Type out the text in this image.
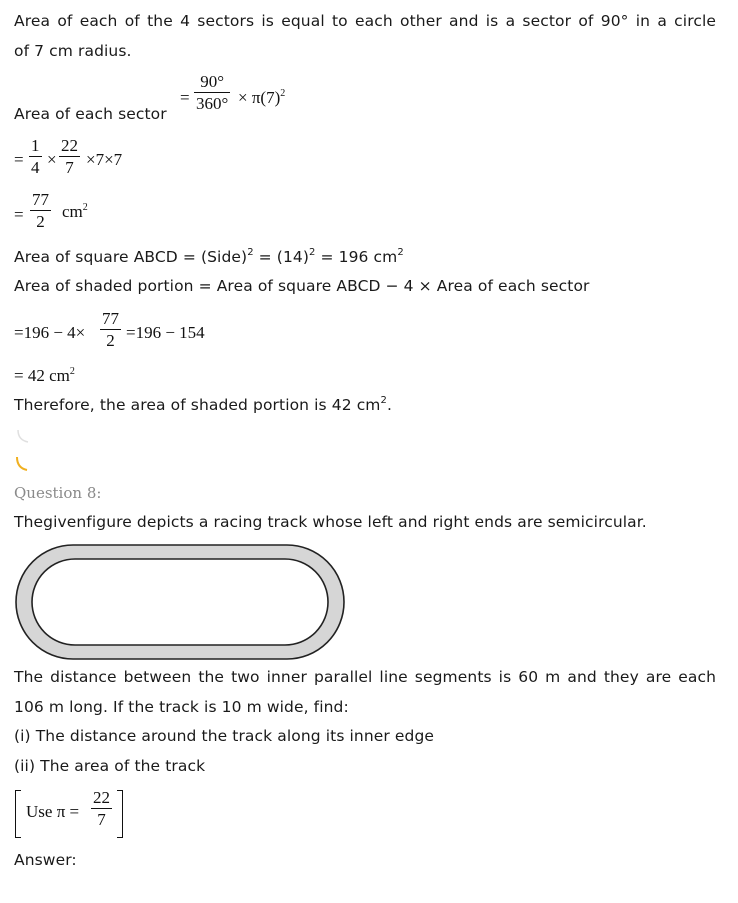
Area of each of the 4 sectors is equal to each other and is a sector of 90° in a circle
of 7 cm radius.
Area of each sector
=
90°
$360^\circ \times \pi(7)^2$
=
1
4 ×
22
7 ×7×7
=
77
2
$cm^2$
Area of square ABCD = (Side)$^2$ = $(14)^2 = 196$ $cm^2$
Area of shaded portion = Area of square ABCD − 4 × Area of each sector
=196 − 4×
77
2 =196 − 154
= 42 $cm^2$
Therefore, the area of shaded portion is 42 $cm^2$.
Question 8:
Thegivenfigure depicts a racing track whose left and right ends are semicircular.
The distance between the two inner parallel line segments is 60 m and they are each
106 m long. If the track is 10 m wide, find:
(i) The distance around the track along its inner edge
(ii) The area of the track
Use π =
22
7
Answer:
